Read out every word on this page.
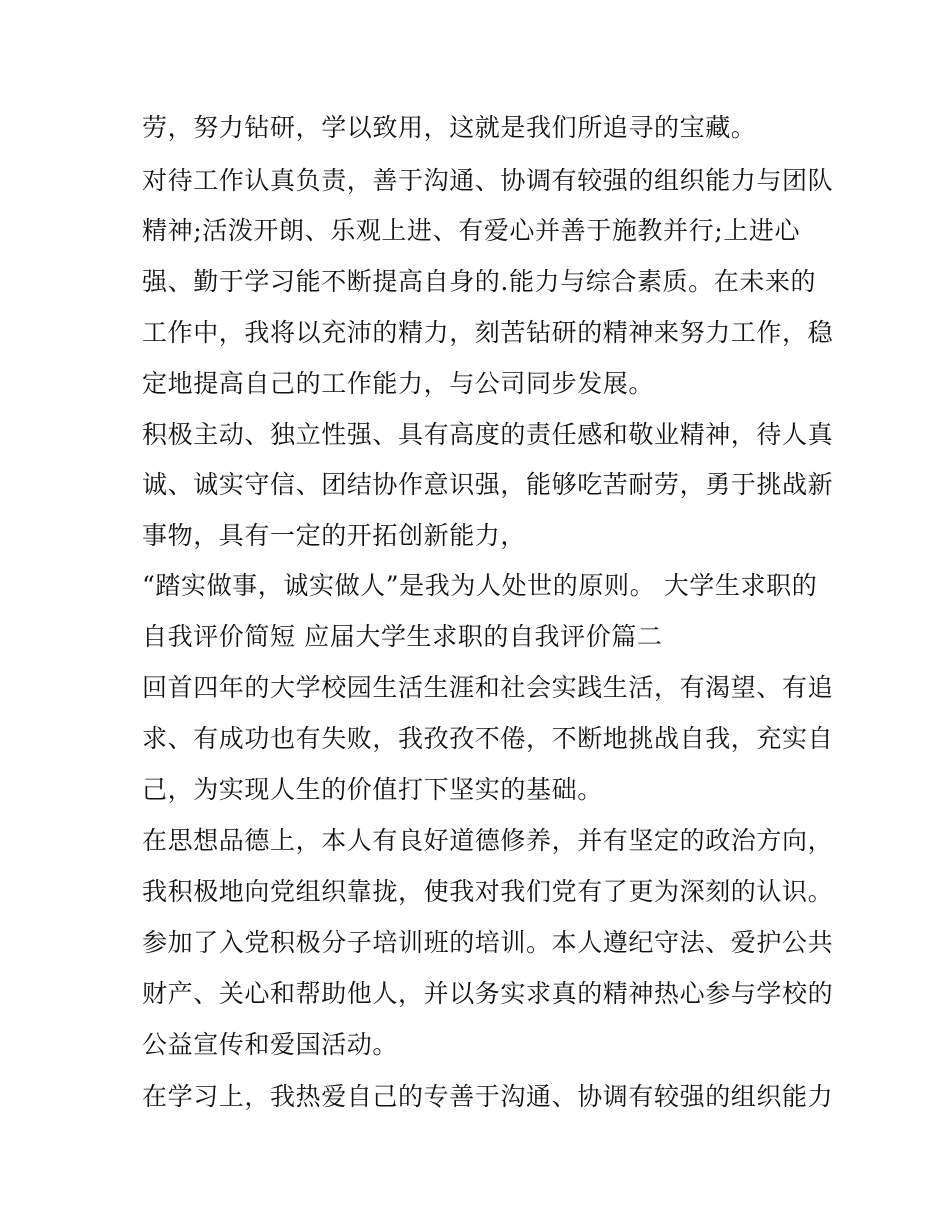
劳，努力钻研，学以致用，这就是我们所追寻的宝藏。
对待工作认真负责，善于沟通、协调有较强的组织能力与团队
精神;活泼开朗、乐观上进、有爱心并善于施教并行;上进心
强、勤于学习能不断提高自身的.能力与综合素质。在未来的
工作中，我将以充沛的精力，刻苦钻研的精神来努力工作，稳
定地提高自己的工作能力，与公司同步发展。
积极主动、独立性强、具有高度的责任感和敬业精神，待人真
诚、诚实守信、团结协作意识强，能够吃苦耐劳，勇于挑战新
事物，具有一定的开拓创新能力，
“踏实做事，诚实做人”是我为人处世的原则。 大学生求职的
自我评价简短 应届大学生求职的自我评价篇二
回首四年的大学校园生活生涯和社会实践生活，有渴望、有追
求、有成功也有失败，我孜孜不倦，不断地挑战自我，充实自
己，为实现人生的价值打下坚实的基础。
在思想品德上，本人有良好道德修养，并有坚定的政治方向，
我积极地向党组织靠拢，使我对我们党有了更为深刻的认识。
参加了入党积极分子培训班的培训。本人遵纪守法、爱护公共
财产、关心和帮助他人，并以务实求真的精神热心参与学校的
公益宣传和爱国活动。
在学习上，我热爱自己的专善于沟通、协调有较强的组织能力
